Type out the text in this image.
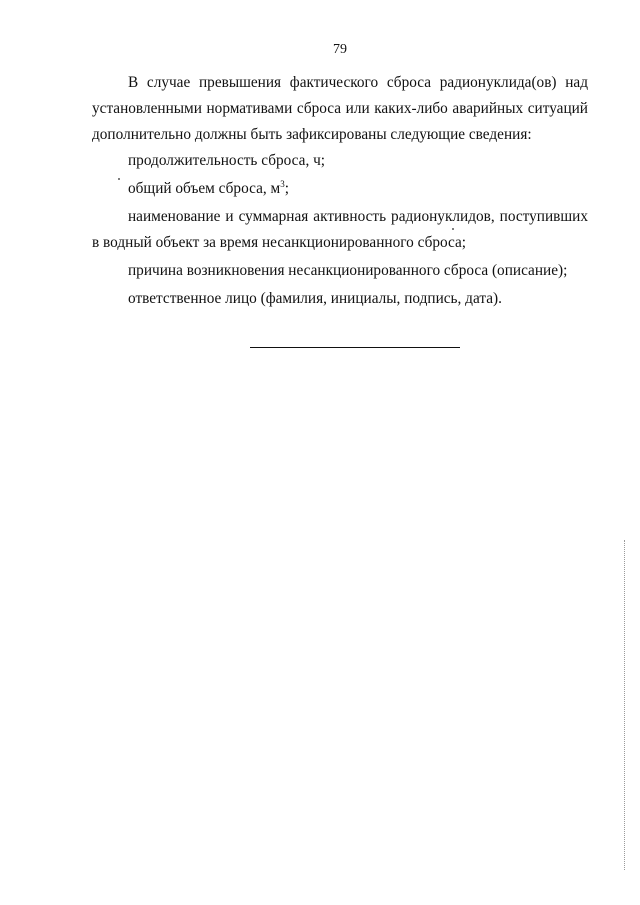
79

В случае превышения фактического сброса радионуклида(ов) над установленными нормативами сброса или каких-либо аварийных ситуаций дополнительно должны быть зафиксированы следующие сведения:

продолжительность сброса, ч;

общий объем сброса, $м^3$;

наименование и суммарная активность радионуклидов, поступивших в водный объект за время несанкционированного сброса;

причина возникновения несанкционированного сброса (описание);

ответственное лицо (фамилия, инициалы, подпись, дата).
